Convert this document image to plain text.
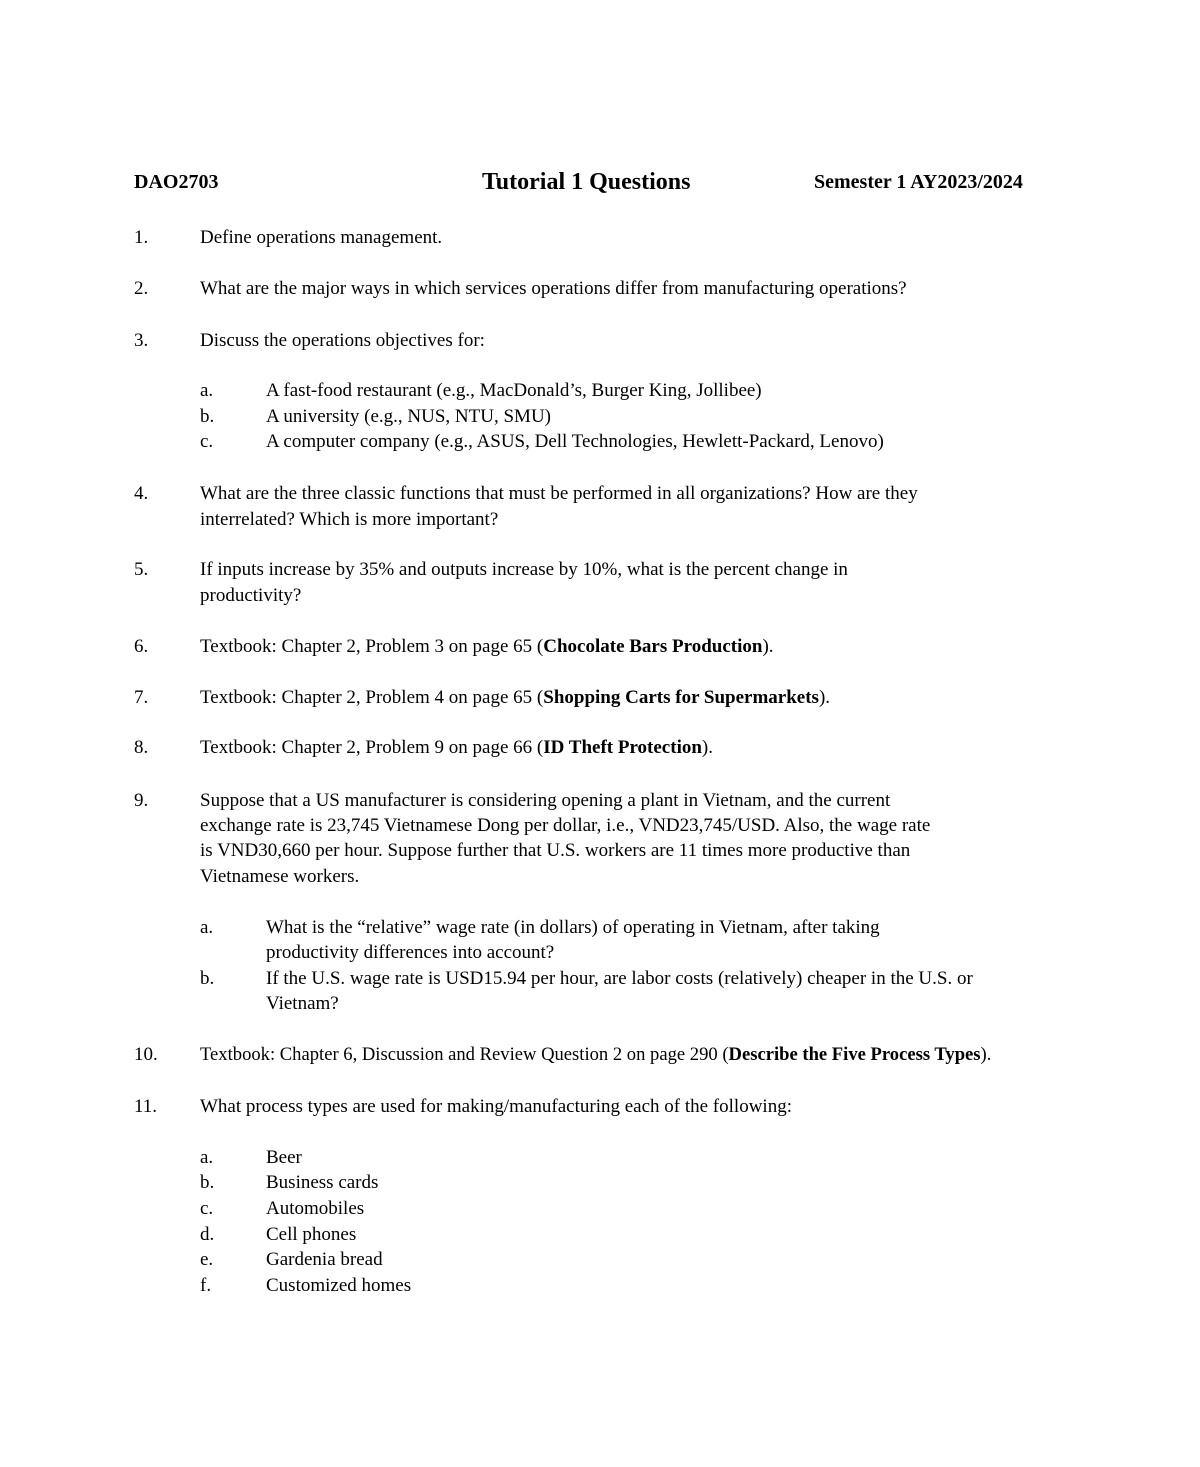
DAO2703	Tutorial 1 Questions	Semester 1 AY2023/2024
1.	Define operations management.
2.	What are the major ways in which services operations differ from manufacturing operations?
3.	Discuss the operations objectives for:
a.	A fast-food restaurant (e.g., MacDonald’s, Burger King, Jollibee)
b.	A university (e.g., NUS, NTU, SMU)
c.	A computer company (e.g., ASUS, Dell Technologies, Hewlett-Packard, Lenovo)
4.	What are the three classic functions that must be performed in all organizations? How are they
interrelated? Which is more important?
5.	If inputs increase by 35% and outputs increase by 10%, what is the percent change in
productivity?
6.	Textbook: Chapter 2, Problem 3 on page 65 (Chocolate Bars Production).
7.	Textbook: Chapter 2, Problem 4 on page 65 (Shopping Carts for Supermarkets).
8.	Textbook: Chapter 2, Problem 9 on page 66 (ID Theft Protection).
9.	Suppose that a US manufacturer is considering opening a plant in Vietnam, and the current
exchange rate is 23,745 Vietnamese Dong per dollar, i.e., VND23,745/USD. Also, the wage rate
is VND30,660 per hour. Suppose further that U.S. workers are 11 times more productive than
Vietnamese workers.
a.	What is the “relative” wage rate (in dollars) of operating in Vietnam, after taking
productivity differences into account?
b.	If the U.S. wage rate is USD15.94 per hour, are labor costs (relatively) cheaper in the U.S. or
Vietnam?
10. Textbook: Chapter 6, Discussion and Review Question 2 on page 290 (Describe the Five Process Types).
11. What process types are used for making/manufacturing each of the following:
a.	Beer
b.	Business cards
c.	Automobiles
d.	Cell phones
e.	Gardenia bread
f.	Customized homes
